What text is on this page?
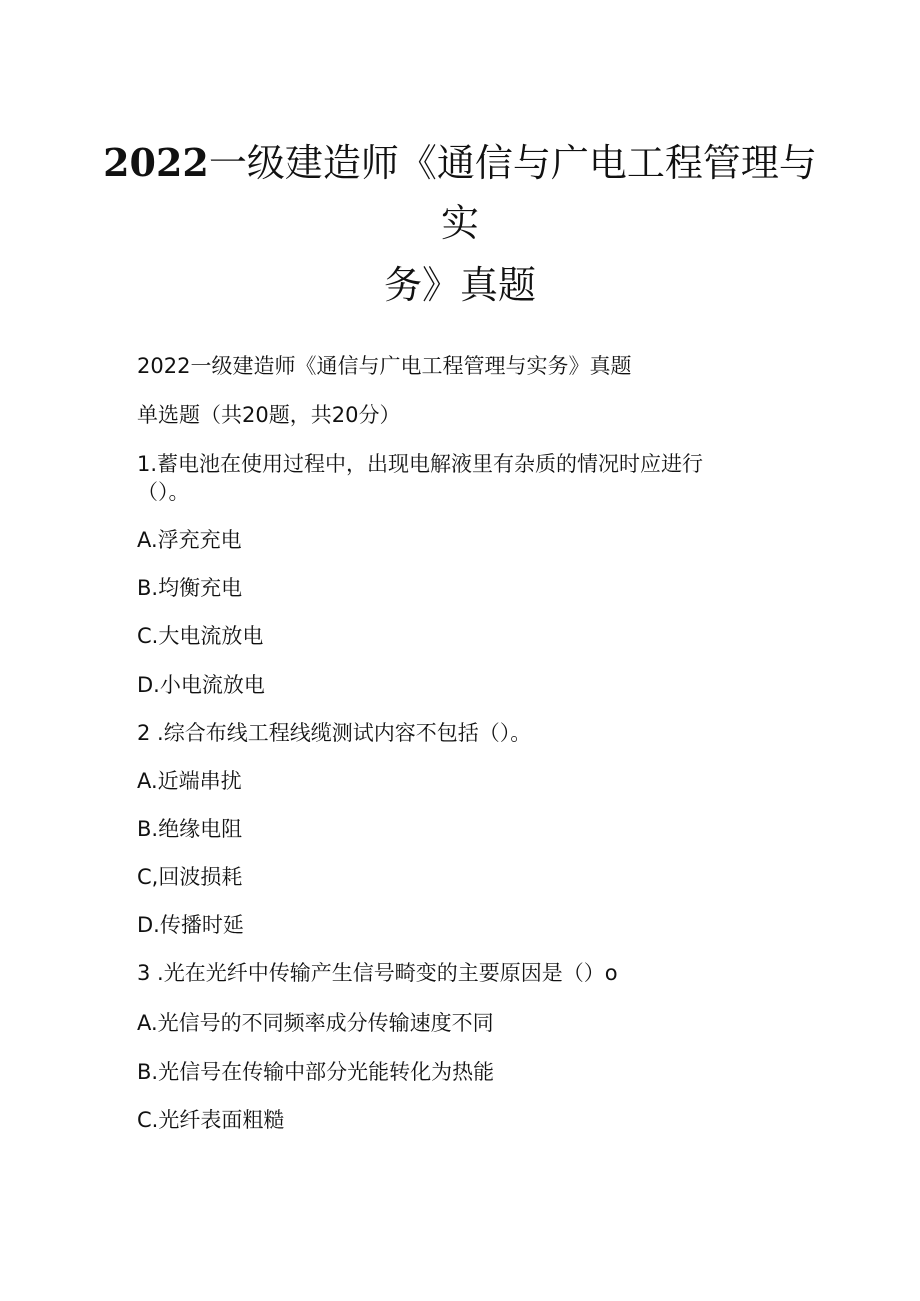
2022一级建造师《通信与广电工程管理与
实
务》真题

2022一级建造师《通信与广电工程管理与实务》真题

单选题（共20题，共20分）

1.蓄电池在使用过程中，出现电解液里有杂质的情况时应进行

（）。

A.浮充充电

B.均衡充电

C.大电流放电

D.小电流放电

2 .综合布线工程线缆测试内容不包括（）。

A.近端串扰

B.绝缘电阻

C,回波损耗

D.传播时延

3 .光在光纤中传输产生信号畸变的主要原因是（）o

A.光信号的不同频率成分传输速度不同

B.光信号在传输中部分光能转化为热能

C.光纤表面粗糙
